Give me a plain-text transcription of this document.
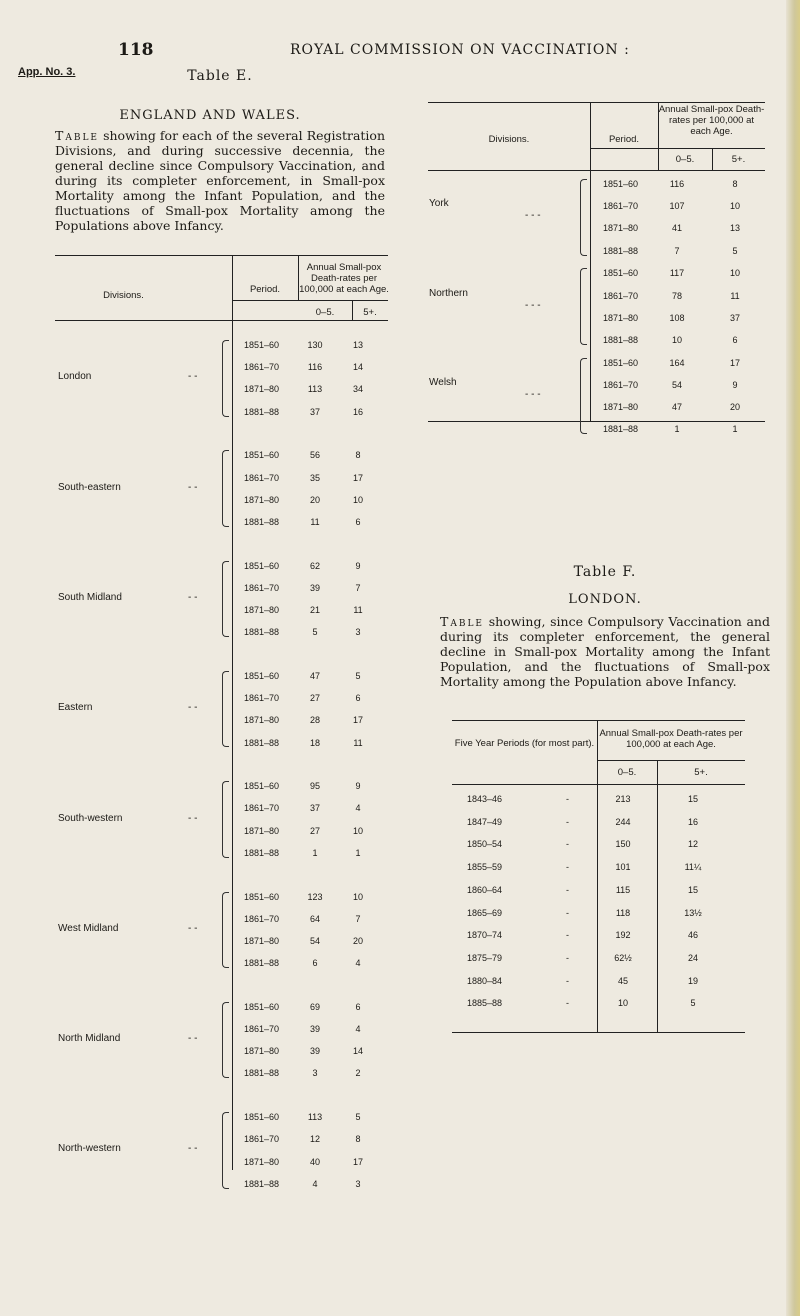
118	ROYAL COMMISSION ON VACCINATION :
App. No. 3.	Table E.
ENGLAND AND WALES.
Table showing for each of the several Registration Divisions, and during successive decennia, the general decline since Compulsory Vaccination, and during its completer enforcement, in Small-pox Mortality among the Infant Population, and the fluctuations of Small-pox Mortality among the Populations above Infancy.
Divisions.
Period.
Annual Small-pox Death-rates per 100,000 at each Age.
0–5.	5+.
London	- -
1851–60	130	13
1861–70	116	14
1871–80	113	34
1881–88	37	16
South-eastern	- -
1851–60	56	8
1861–70	35	17
1871–80	20	10
1881–88	11	6
South Midland	- -
1851–60	62	9
1861–70	39	7
1871–80	21	11
1881–88	5	3
Eastern	- -
1851–60	47	5
1861–70	27	6
1871–80	28	17
1881–88	18	11
South-western	- -
1851–60	95	9
1861–70	37	4
1871–80	27	10
1881–88	1	1
West Midland	- -
1851–60	123	10
1861–70	64	7
1871–80	54	20
1881–88	6	4
North Midland	- -
1851–60	69	6
1861–70	39	4
1871–80	39	14
1881–88	3	2
North-western	- -
1851–60	113	5
1861–70	12	8
1871–80	40	17
1881–88	4	3
Divisions.	Period.
Annual Small-pox Death-rates per 100,000 at each Age.
0–5.	5+.
York
- - -
1851–60	116	8
1861–70	107	10
1871–80	41	13
1881–88	7	5
Northern
- - -
1851–60	117	10
1861–70	78	11
1871–80	108	37
1881–88	10	6
Welsh
- - -
1851–60	164	17
1861–70	54	9
1871–80	47	20
1881–88	1	1
Table F.
LONDON.
Table showing, since Compulsory Vaccination and during its completer enforcement, the general decline in Small-pox Mortality among the Infant Population, and the fluctuations of Small-pox Mortality among the Population above Infancy.
Five Year Periods (for most part).
Annual Small-pox Death-rates per 100,000 at each Age.
0–5.	5+.
1843–46	-	213	15
1847–49	-	244	16
1850–54	-	150	12
1855–59	-	101	11¼
1860–64	-	115	15
1865–69	-	118	13½
1870–74	-	192	46
1875–79	-	62½	24
1880–84	-	45	19
1885–88	-	10	5
